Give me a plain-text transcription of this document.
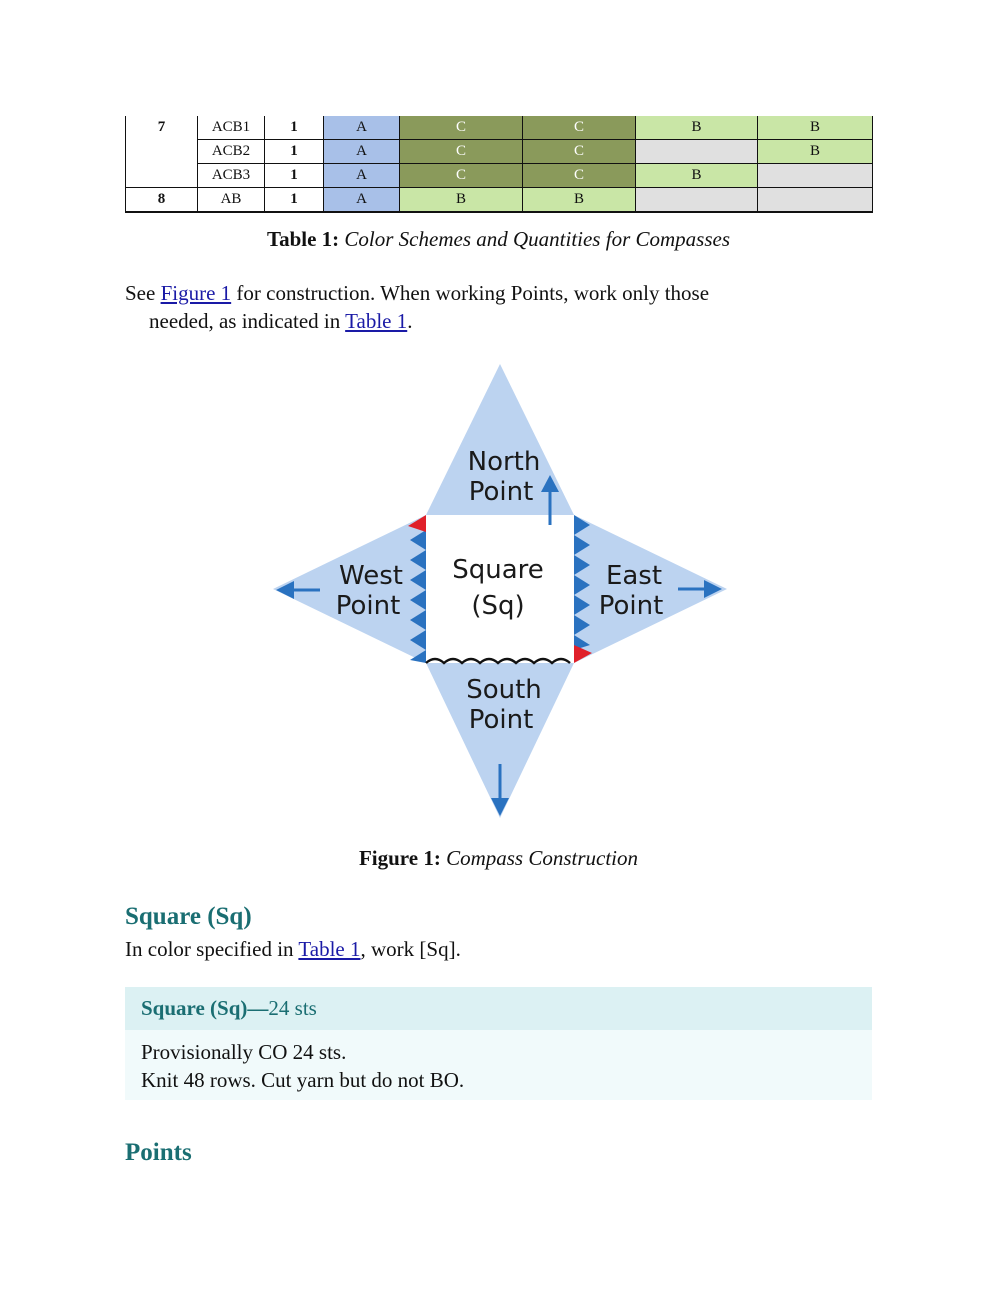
7	ACB1	1	A	C	C	B	B
	ACB2	1	A	C	C		B
	ACB3	1	A	C	C	B	
8	AB	1	A	B	B		
Table 1: Color Schemes and Quantities for Compasses
See Figure 1 for construction. When working Points, work only those
needed, as indicated in Table 1.
North
Point
West
Point
East
Point
South
Point
Square
(Sq)
Figure 1: Compass Construction
Square (Sq)
In color specified in Table 1, work [Sq].
Square (Sq)—24 sts
Provisionally CO 24 sts.
Knit 48 rows. Cut yarn but do not BO.
Points
